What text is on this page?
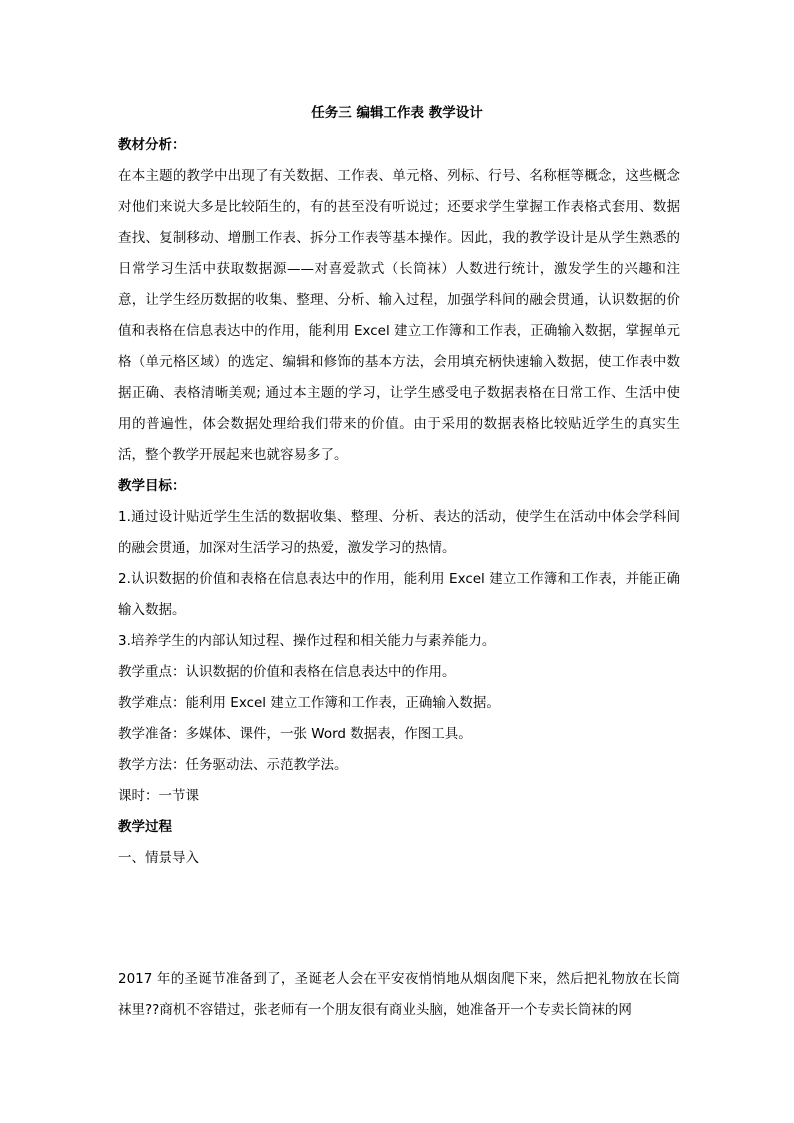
任务三 编辑工作表 教学设计

教材分析：

在本主题的教学中出现了有关数据、工作表、单元格、列标、行号、名称框等概念，这些概念对他们来说大多是比较陌生的，有的甚至没有听说过；还要求学生掌握工作表格式套用、数据查找、复制移动、增删工作表、拆分工作表等基本操作。因此，我的教学设计是从学生熟悉的日常学习生活中获取数据源——对喜爱款式（长筒袜）人数进行统计，激发学生的兴趣和注意，让学生经历数据的收集、整理、分析、输入过程，加强学科间的融会贯通，认识数据的价值和表格在信息表达中的作用，能利用 Excel 建立工作簿和工作表，正确输入数据，掌握单元格（单元格区域）的选定、编辑和修饰的基本方法，会用填充柄快速输入数据，使工作表中数据正确、表格清晰美观; 通过本主题的学习，让学生感受电子数据表格在日常工作、生活中使用的普遍性，体会数据处理给我们带来的价值。由于采用的数据表格比较贴近学生的真实生活，整个教学开展起来也就容易多了。

教学目标：

1.通过设计贴近学生生活的数据收集、整理、分析、表达的活动，使学生在活动中体会学科间的融会贯通，加深对生活学习的热爱，激发学习的热情。

2.认识数据的价值和表格在信息表达中的作用，能利用 Excel 建立工作簿和工作表，并能正确输入数据。

3.培养学生的内部认知过程、操作过程和相关能力与素养能力。

教学重点：认识数据的价值和表格在信息表达中的作用。

教学难点：能利用 Excel 建立工作簿和工作表，正确输入数据。

教学准备：多媒体、课件，一张 Word 数据表，作图工具。

教学方法：任务驱动法、示范教学法。

课时：一节课

教学过程

一、情景导入

2017 年的圣诞节准备到了，圣诞老人会在平安夜悄悄地从烟囱爬下来，然后把礼物放在长筒袜里??商机不容错过，张老师有一个朋友很有商业头脑，她准备开一个专卖长筒袜的网
